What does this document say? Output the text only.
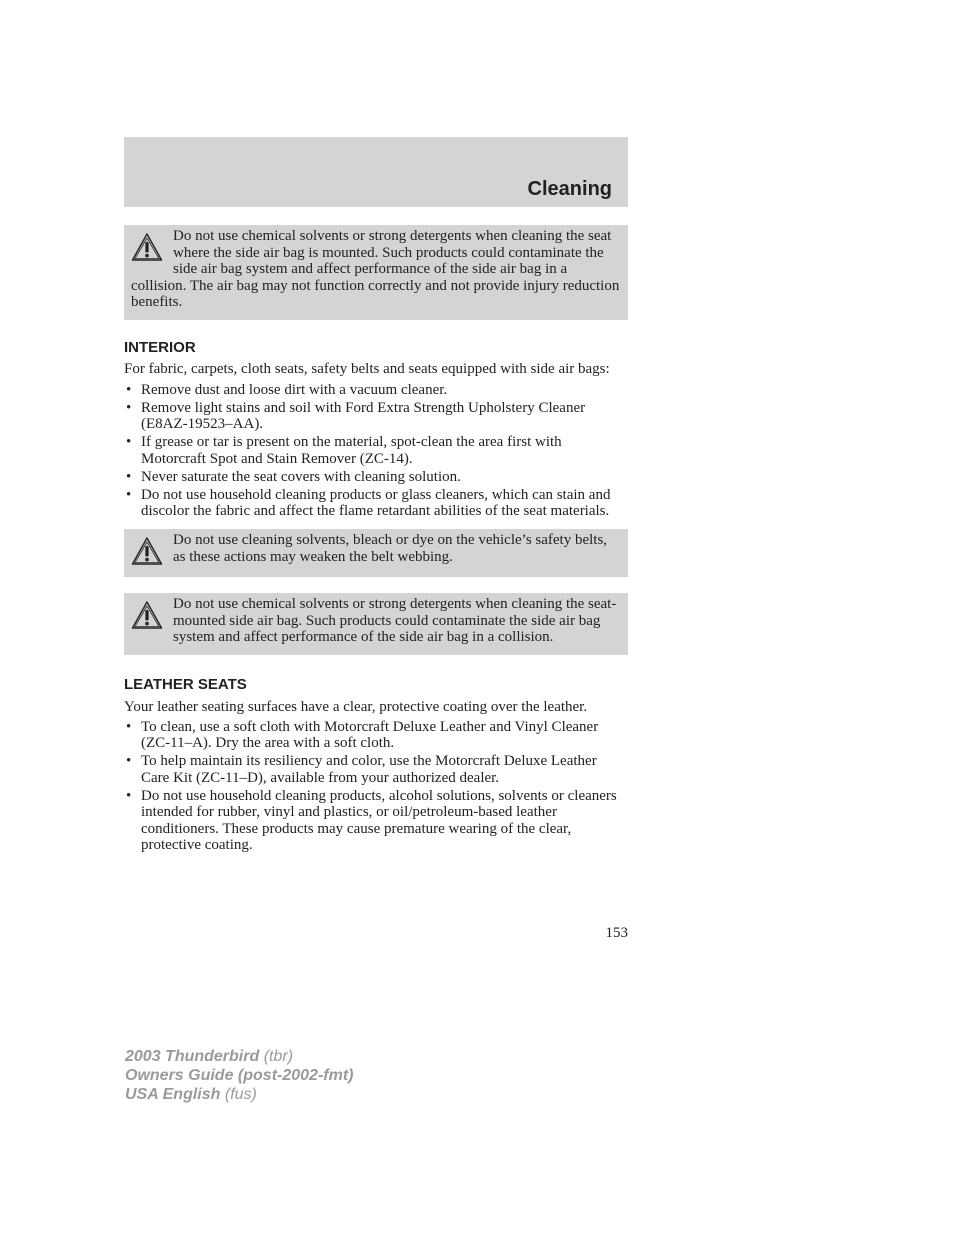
Cleaning

Do not use chemical solvents or strong detergents when cleaning the seat where the side air bag is mounted. Such products could contaminate the side air bag system and affect performance of the side air bag in a collision. The air bag may not function correctly and not provide injury reduction benefits.

INTERIOR

For fabric, carpets, cloth seats, safety belts and seats equipped with side air bags:

• Remove dust and loose dirt with a vacuum cleaner.
• Remove light stains and soil with Ford Extra Strength Upholstery Cleaner (E8AZ-19523–AA).
• If grease or tar is present on the material, spot-clean the area first with Motorcraft Spot and Stain Remover (ZC-14).
• Never saturate the seat covers with cleaning solution.
• Do not use household cleaning products or glass cleaners, which can stain and discolor the fabric and affect the flame retardant abilities of the seat materials.

Do not use cleaning solvents, bleach or dye on the vehicle’s safety belts, as these actions may weaken the belt webbing.

Do not use chemical solvents or strong detergents when cleaning the seat-mounted side air bag. Such products could contaminate the side air bag system and affect performance of the side air bag in a collision.

LEATHER SEATS

Your leather seating surfaces have a clear, protective coating over the leather.

• To clean, use a soft cloth with Motorcraft Deluxe Leather and Vinyl Cleaner (ZC-11–A). Dry the area with a soft cloth.
• To help maintain its resiliency and color, use the Motorcraft Deluxe Leather Care Kit (ZC-11–D), available from your authorized dealer.
• Do not use household cleaning products, alcohol solutions, solvents or cleaners intended for rubber, vinyl and plastics, or oil/petroleum-based leather conditioners. These products may cause premature wearing of the clear, protective coating.
153
2003 Thunderbird (tbr)
Owners Guide (post-2002-fmt)
USA English (fus)
